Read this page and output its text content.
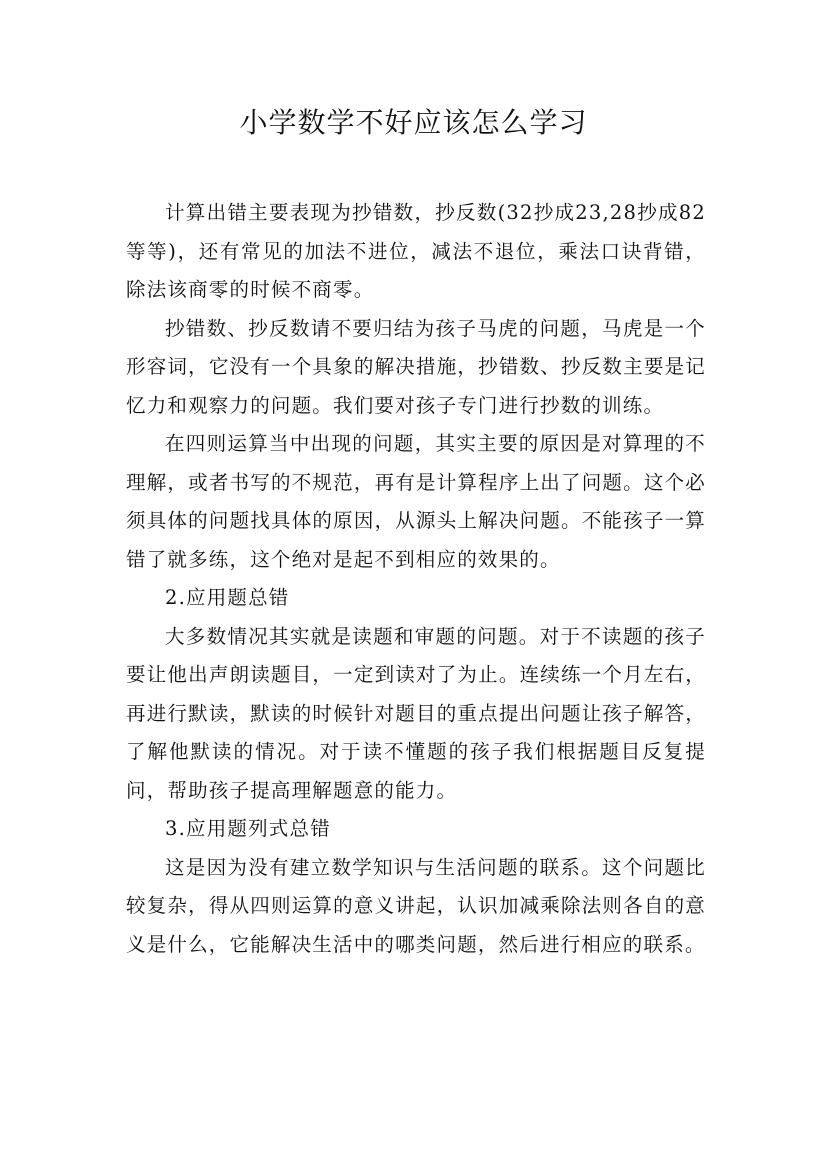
小学数学不好应该怎么学习

计算出错主要表现为抄错数，抄反数(32抄成23,28抄成82等等)，还有常见的加法不进位，减法不退位，乘法口诀背错，除法该商零的时候不商零。

抄错数、抄反数请不要归结为孩子马虎的问题，马虎是一个形容词，它没有一个具象的解决措施，抄错数、抄反数主要是记忆力和观察力的问题。我们要对孩子专门进行抄数的训练。

在四则运算当中出现的问题，其实主要的原因是对算理的不理解，或者书写的不规范，再有是计算程序上出了问题。这个必须具体的问题找具体的原因，从源头上解决问题。不能孩子一算错了就多练，这个绝对是起不到相应的效果的。

2.应用题总错

大多数情况其实就是读题和审题的问题。对于不读题的孩子要让他出声朗读题目，一定到读对了为止。连续练一个月左右，再进行默读，默读的时候针对题目的重点提出问题让孩子解答，了解他默读的情况。对于读不懂题的孩子我们根据题目反复提问，帮助孩子提高理解题意的能力。

3.应用题列式总错

这是因为没有建立数学知识与生活问题的联系。这个问题比较复杂，得从四则运算的意义讲起，认识加减乘除法则各自的意义是什么，它能解决生活中的哪类问题，然后进行相应的联系。
